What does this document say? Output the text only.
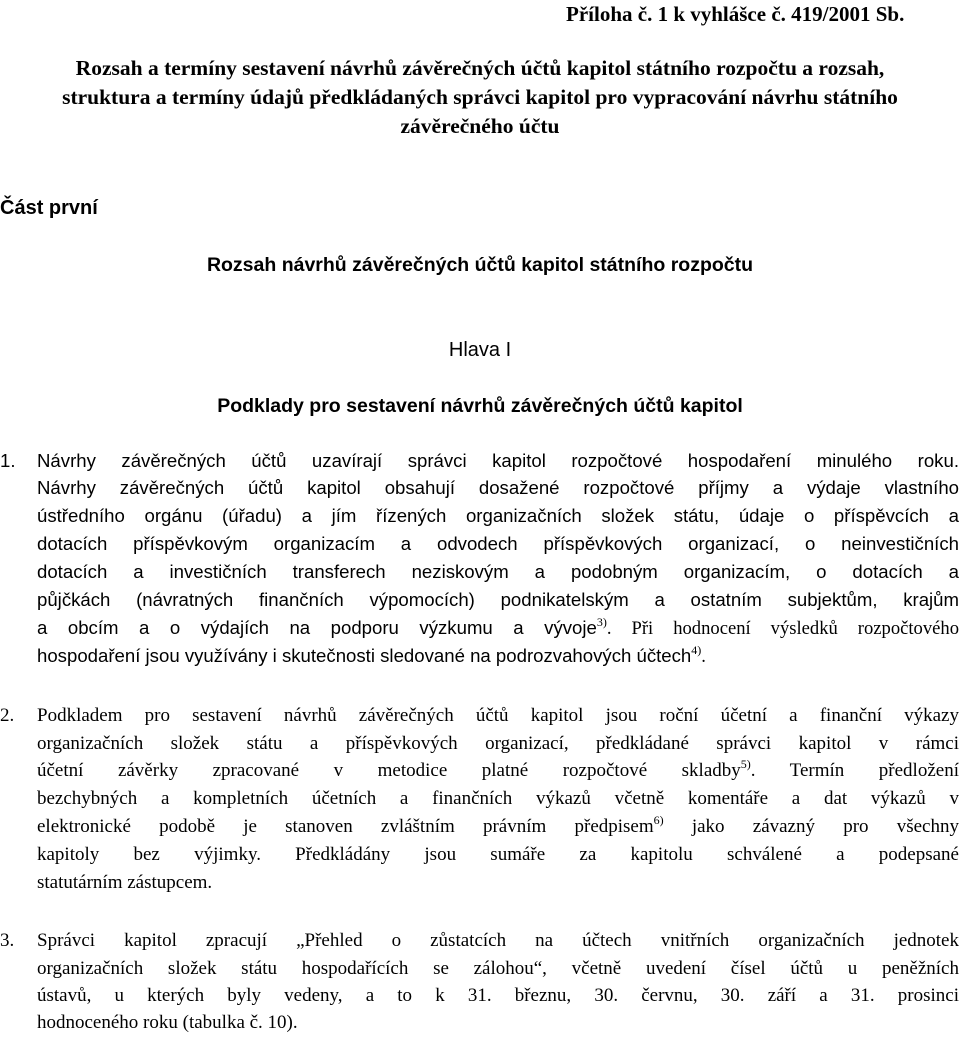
Příloha č. 1 k vyhlášce č. 419/2001 Sb.
Rozsah a termíny sestavení návrhů závěrečných účtů kapitol státního rozpočtu a rozsah,
struktura a termíny údajů předkládaných správci kapitol pro vypracování návrhu státního
závěrečného účtu
Část první
Rozsah návrhů závěrečných účtů kapitol státního rozpočtu
Hlava I
Podklady pro sestavení návrhů závěrečných účtů kapitol
1. Návrhy závěrečných účtů uzavírají správci kapitol rozpočtové hospodaření minulého roku.
Návrhy závěrečných účtů kapitol obsahují dosažené rozpočtové příjmy a výdaje vlastního
ústředního orgánu (úřadu) a jím řízených organizačních složek státu, údaje o příspěvcích a
dotacích příspěvkovým organizacím a odvodech příspěvkových organizací, o neinvestičních
dotacích a investičních transferech neziskovým a podobným organizacím, o dotacích a
půjčkách (návratných finančních výpomocích) podnikatelským a ostatním subjektům, krajům
a obcím a o výdajích na podporu výzkumu a vývoje$^{3)}$. Při hodnocení výsledků rozpočtového
hospodaření jsou využívány i skutečnosti sledované na podrozvahových účtech$^{4)}$.
2. Podkladem pro sestavení návrhů závěrečných účtů kapitol jsou roční účetní a finanční výkazy
organizačních složek státu a příspěvkových organizací, předkládané správci kapitol v rámci
účetní závěrky zpracované v metodice platné rozpočtové skladby$^{5)}$. Termín předložení
bezchybných a kompletních účetních a finančních výkazů včetně komentáře a dat výkazů v
elektronické podobě je stanoven zvláštním právním předpisem$^{6)}$ jako závazný pro všechny
kapitoly bez výjimky. Předkládány jsou sumáře za kapitolu schválené a podepsané
statutárním zástupcem.
3. Správci kapitol zpracují „Přehled o zůstatcích na účtech vnitřních organizačních jednotek
organizačních složek státu hospodařících se zálohou“, včetně uvedení čísel účtů u peněžních
ústavů, u kterých byly vedeny, a to k 31. březnu, 30. červnu, 30. září a 31. prosinci
hodnoceného roku (tabulka č. 10).
